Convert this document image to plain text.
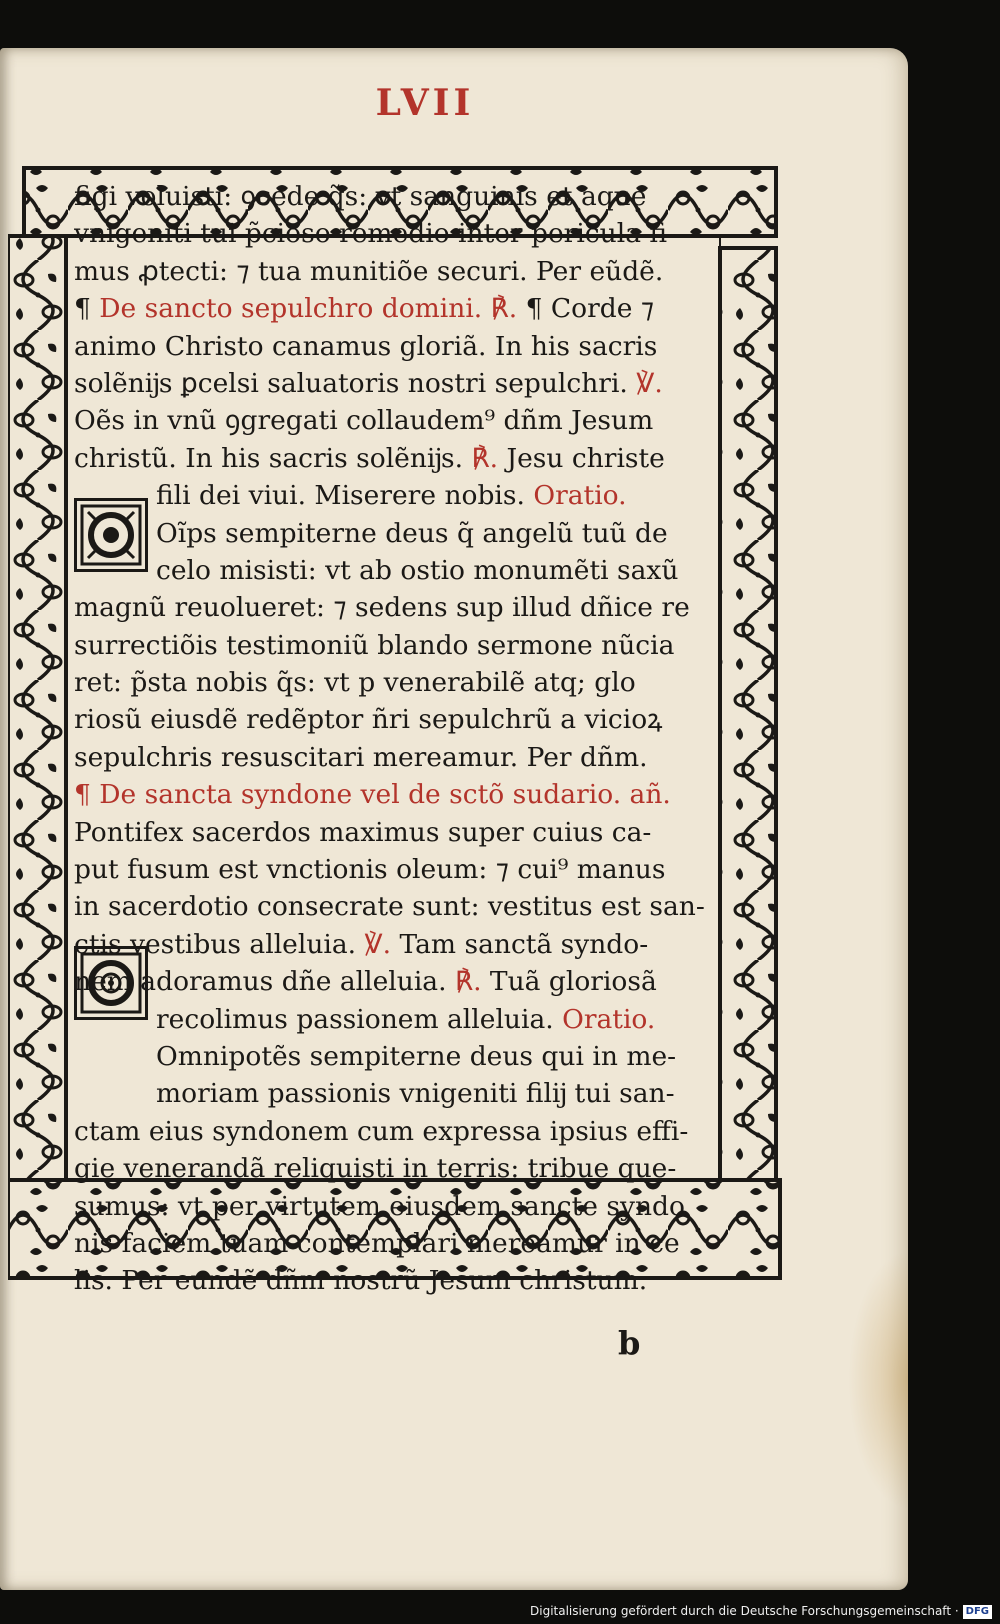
LVII
figi voluisti: ꝯcede q̃s: vt sanguinis et aque
vnigeniti tui p̃cioso remedio inter pericula fi-
mus ꝓtecti: ⁊ tua munitiõe securi. Per eũdẽ.
¶ De sancto sepulchro domini. ℟. ¶ Corde ⁊
animo Christo canamus gloriã. In his sacris
solẽnĳs ꝑcelsi saluatoris nostri sepulchri. ℣.
Oẽs in vnũ ꝯgregati collaudem⁹ dñm Jesum
christũ. In his sacris solẽnĳs. ℟. Jesu christe
fili dei viui. Miserere nobis. Oratio.
Oĩps sempiterne deus q̃ angelũ tuũ de
celo misisti: vt ab ostio monumẽti saxũ
magnũ reuolueret: ⁊ sedens sup illud dñice re
surrectiõis testimoniũ blando sermone nũcia
ret: p̃sta nobis q̃s: vt p venerabilẽ atq; glo
riosũ eiusdẽ redẽptor ñri sepulchrũ a vicioꝝ
sepulchris resuscitari mereamur. Per dñm.
¶ De sancta syndone vel de sctõ sudario. añ.
Pontifex sacerdos maximus super cuius ca-
put fusum est vnctionis oleum: ⁊ cui⁹ manus
in sacerdotio consecrate sunt: vestitus est san-
ctis vestibus alleluia. ℣. Tam sanctã syndo-
nem adoramus dñe alleluia. ℟. Tuã gloriosã
recolimus passionem alleluia. Oratio.
Omnipotẽs sempiterne deus qui in me-
moriam passionis vnigeniti filĳ tui san-
ctam eius syndonem cum expressa ipsius effi-
gie venerandã reliquisti in terris: tribue que-
sumus: vt per virtutem eiusdem sancte syndo
nis faciem tuam contemplari mereamur in ce
lis. Per eundẽ dñm nostrũ Jesum christum.
b
Digitalisierung gefördert durch die Deutsche Forschungsgemeinschaft · DFG
